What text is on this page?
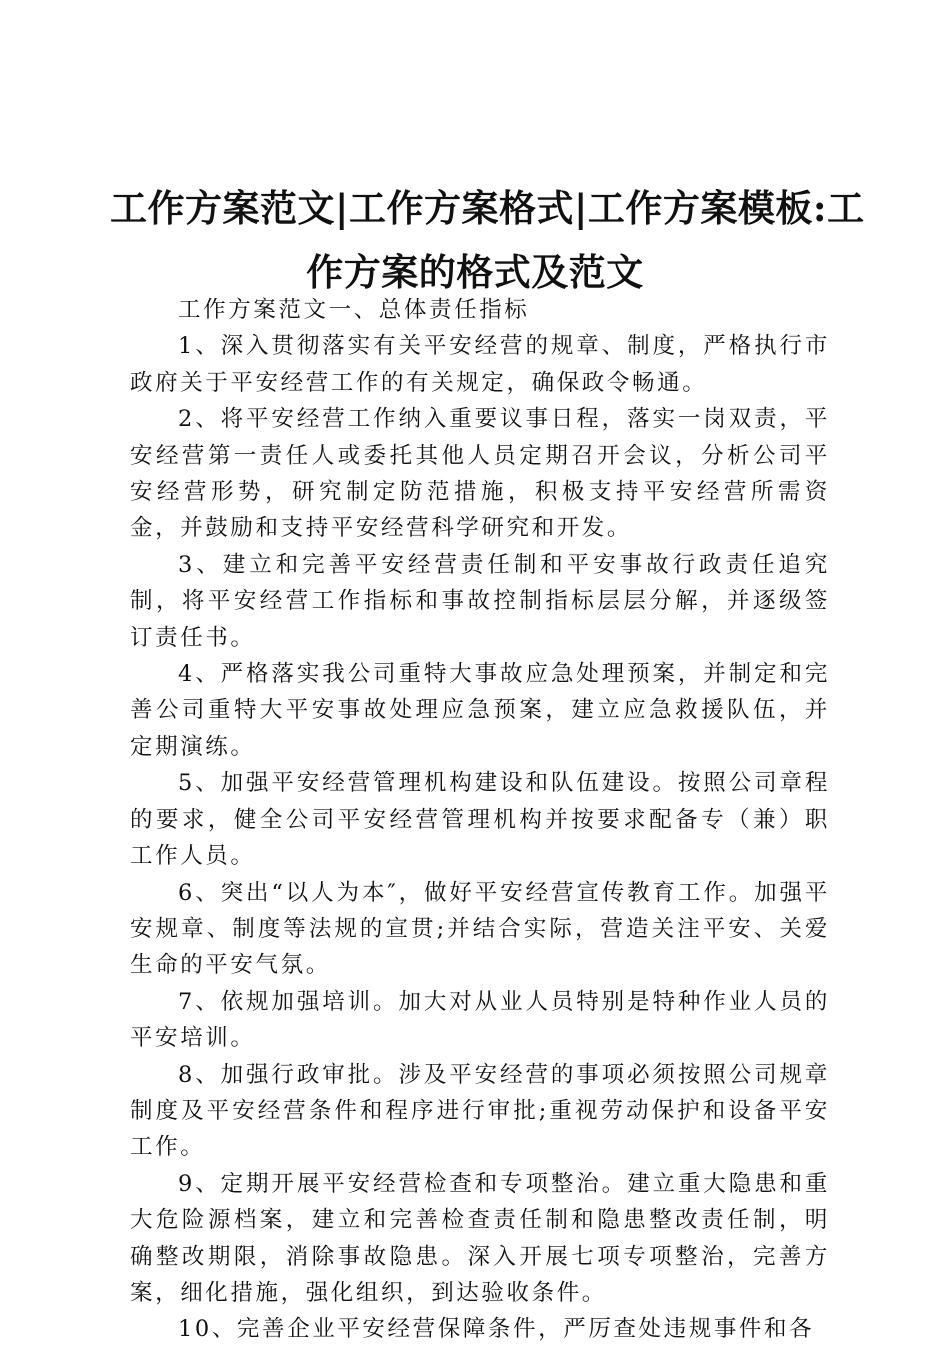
工作方案范文|工作方案格式|工作方案模板:工
作方案的格式及范文

工作方案范文一、总体责任指标

1、深入贯彻落实有关平安经营的规章、制度，严格执行市政府关于平安经营工作的有关规定，确保政令畅通。

2、将平安经营工作纳入重要议事日程，落实一岗双责，平安经营第一责任人或委托其他人员定期召开会议，分析公司平安经营形势，研究制定防范措施，积极支持平安经营所需资金，并鼓励和支持平安经营科学研究和开发。

3、建立和完善平安经营责任制和平安事故行政责任追究制，将平安经营工作指标和事故控制指标层层分解，并逐级签订责任书。

4、严格落实我公司重特大事故应急处理预案，并制定和完善公司重特大平安事故处理应急预案，建立应急救援队伍，并定期演练。

5、加强平安经营管理机构建设和队伍建设。按照公司章程的要求，健全公司平安经营管理机构并按要求配备专（兼）职工作人员。

6、突出“以人为本″，做好平安经营宣传教育工作。加强平安规章、制度等法规的宣贯;并结合实际，营造关注平安、关爱生命的平安气氛。

7、依规加强培训。加大对从业人员特别是特种作业人员的平安培训。

8、加强行政审批。涉及平安经营的事项必须按照公司规章制度及平安经营条件和程序进行审批;重视劳动保护和设备平安工作。

9、定期开展平安经营检查和专项整治。建立重大隐患和重大危险源档案，建立和完善检查责任制和隐患整改责任制，明确整改期限，消除事故隐患。深入开展七项专项整治，完善方案，细化措施，强化组织，到达验收条件。

10、完善企业平安经营保障条件，严厉查处违规事件和各
